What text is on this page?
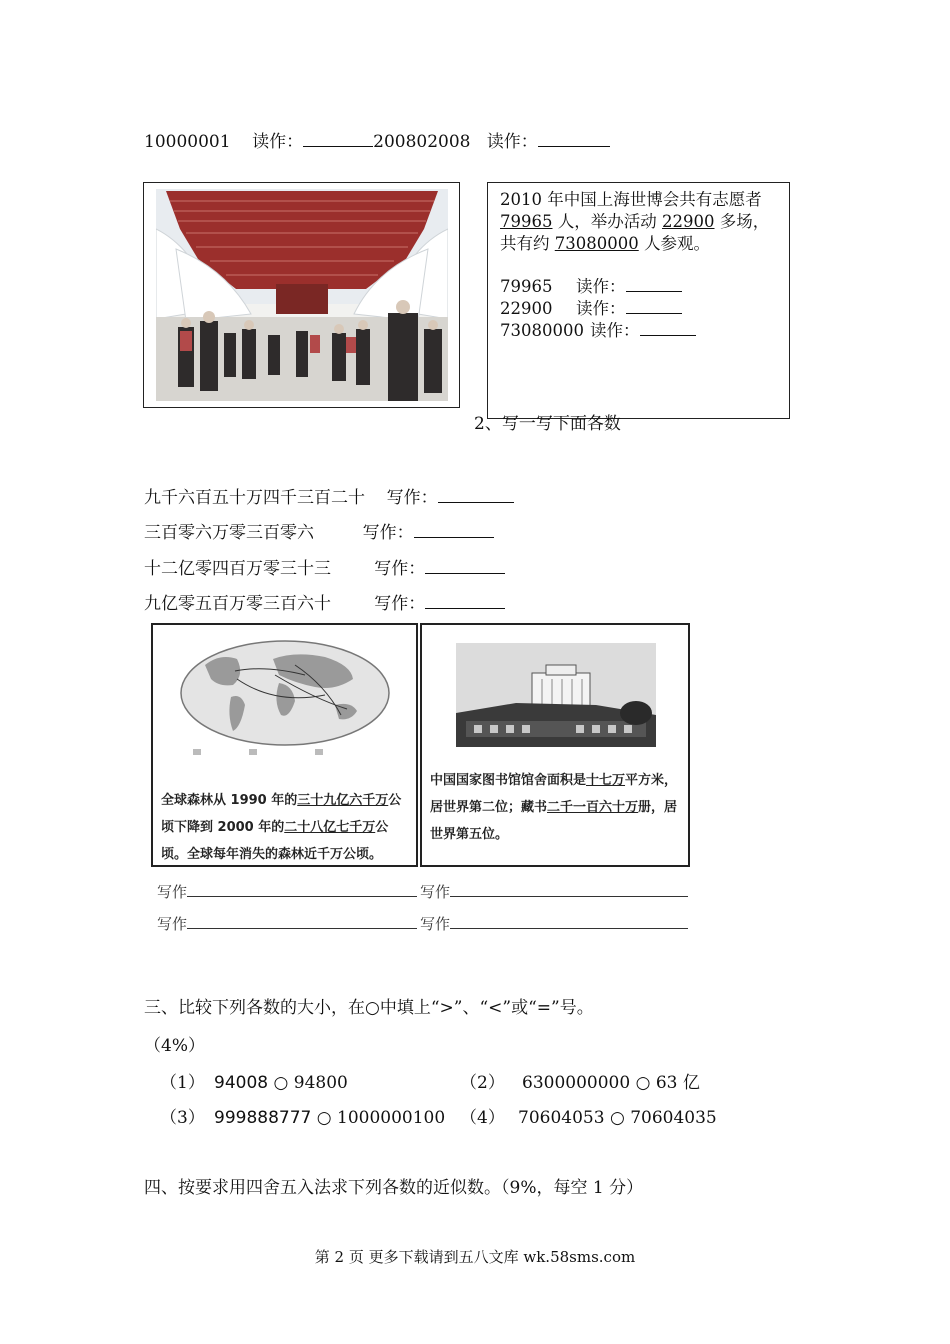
10000001 读作：	200802008 读作：
2010 年中国上海世博会共有志愿者 79965 人，举办活动 22900 多场，共有约 73080000 人参观。
79965 读作：
22900 读作：
73080000 读作：
2、写一写下面各数
九千六百五十万四千三百二十 写作：
三百零六万零三百零六	写作：
十二亿零四百万零三十三	写作：
九亿零五百万零三百六十	写作：
全球森林从 1990 年的三十九亿六千万公顷下降到 2000 年的二十八亿七千万公顷。全球每年消失的森林近千万公顷。
中国国家图书馆馆舍面积是十七万平方米，居世界第二位；藏书二千一百六十万册，居世界第五位。
写作	写作
写作	写作
三、比较下列各数的大小，在○中填上“>”、“<”或“=”号。
（4%）
（1） 94008 ○ 94800	（2） 6300000000 ○ 63 亿
（3） 999888777 ○ 1000000100 （4） 70604053 ○ 70604035
四、按要求用四舍五入法求下列各数的近似数。（9%，每空 1 分）
第 2 页 更多下载请到五八文库 wk.58sms.com
